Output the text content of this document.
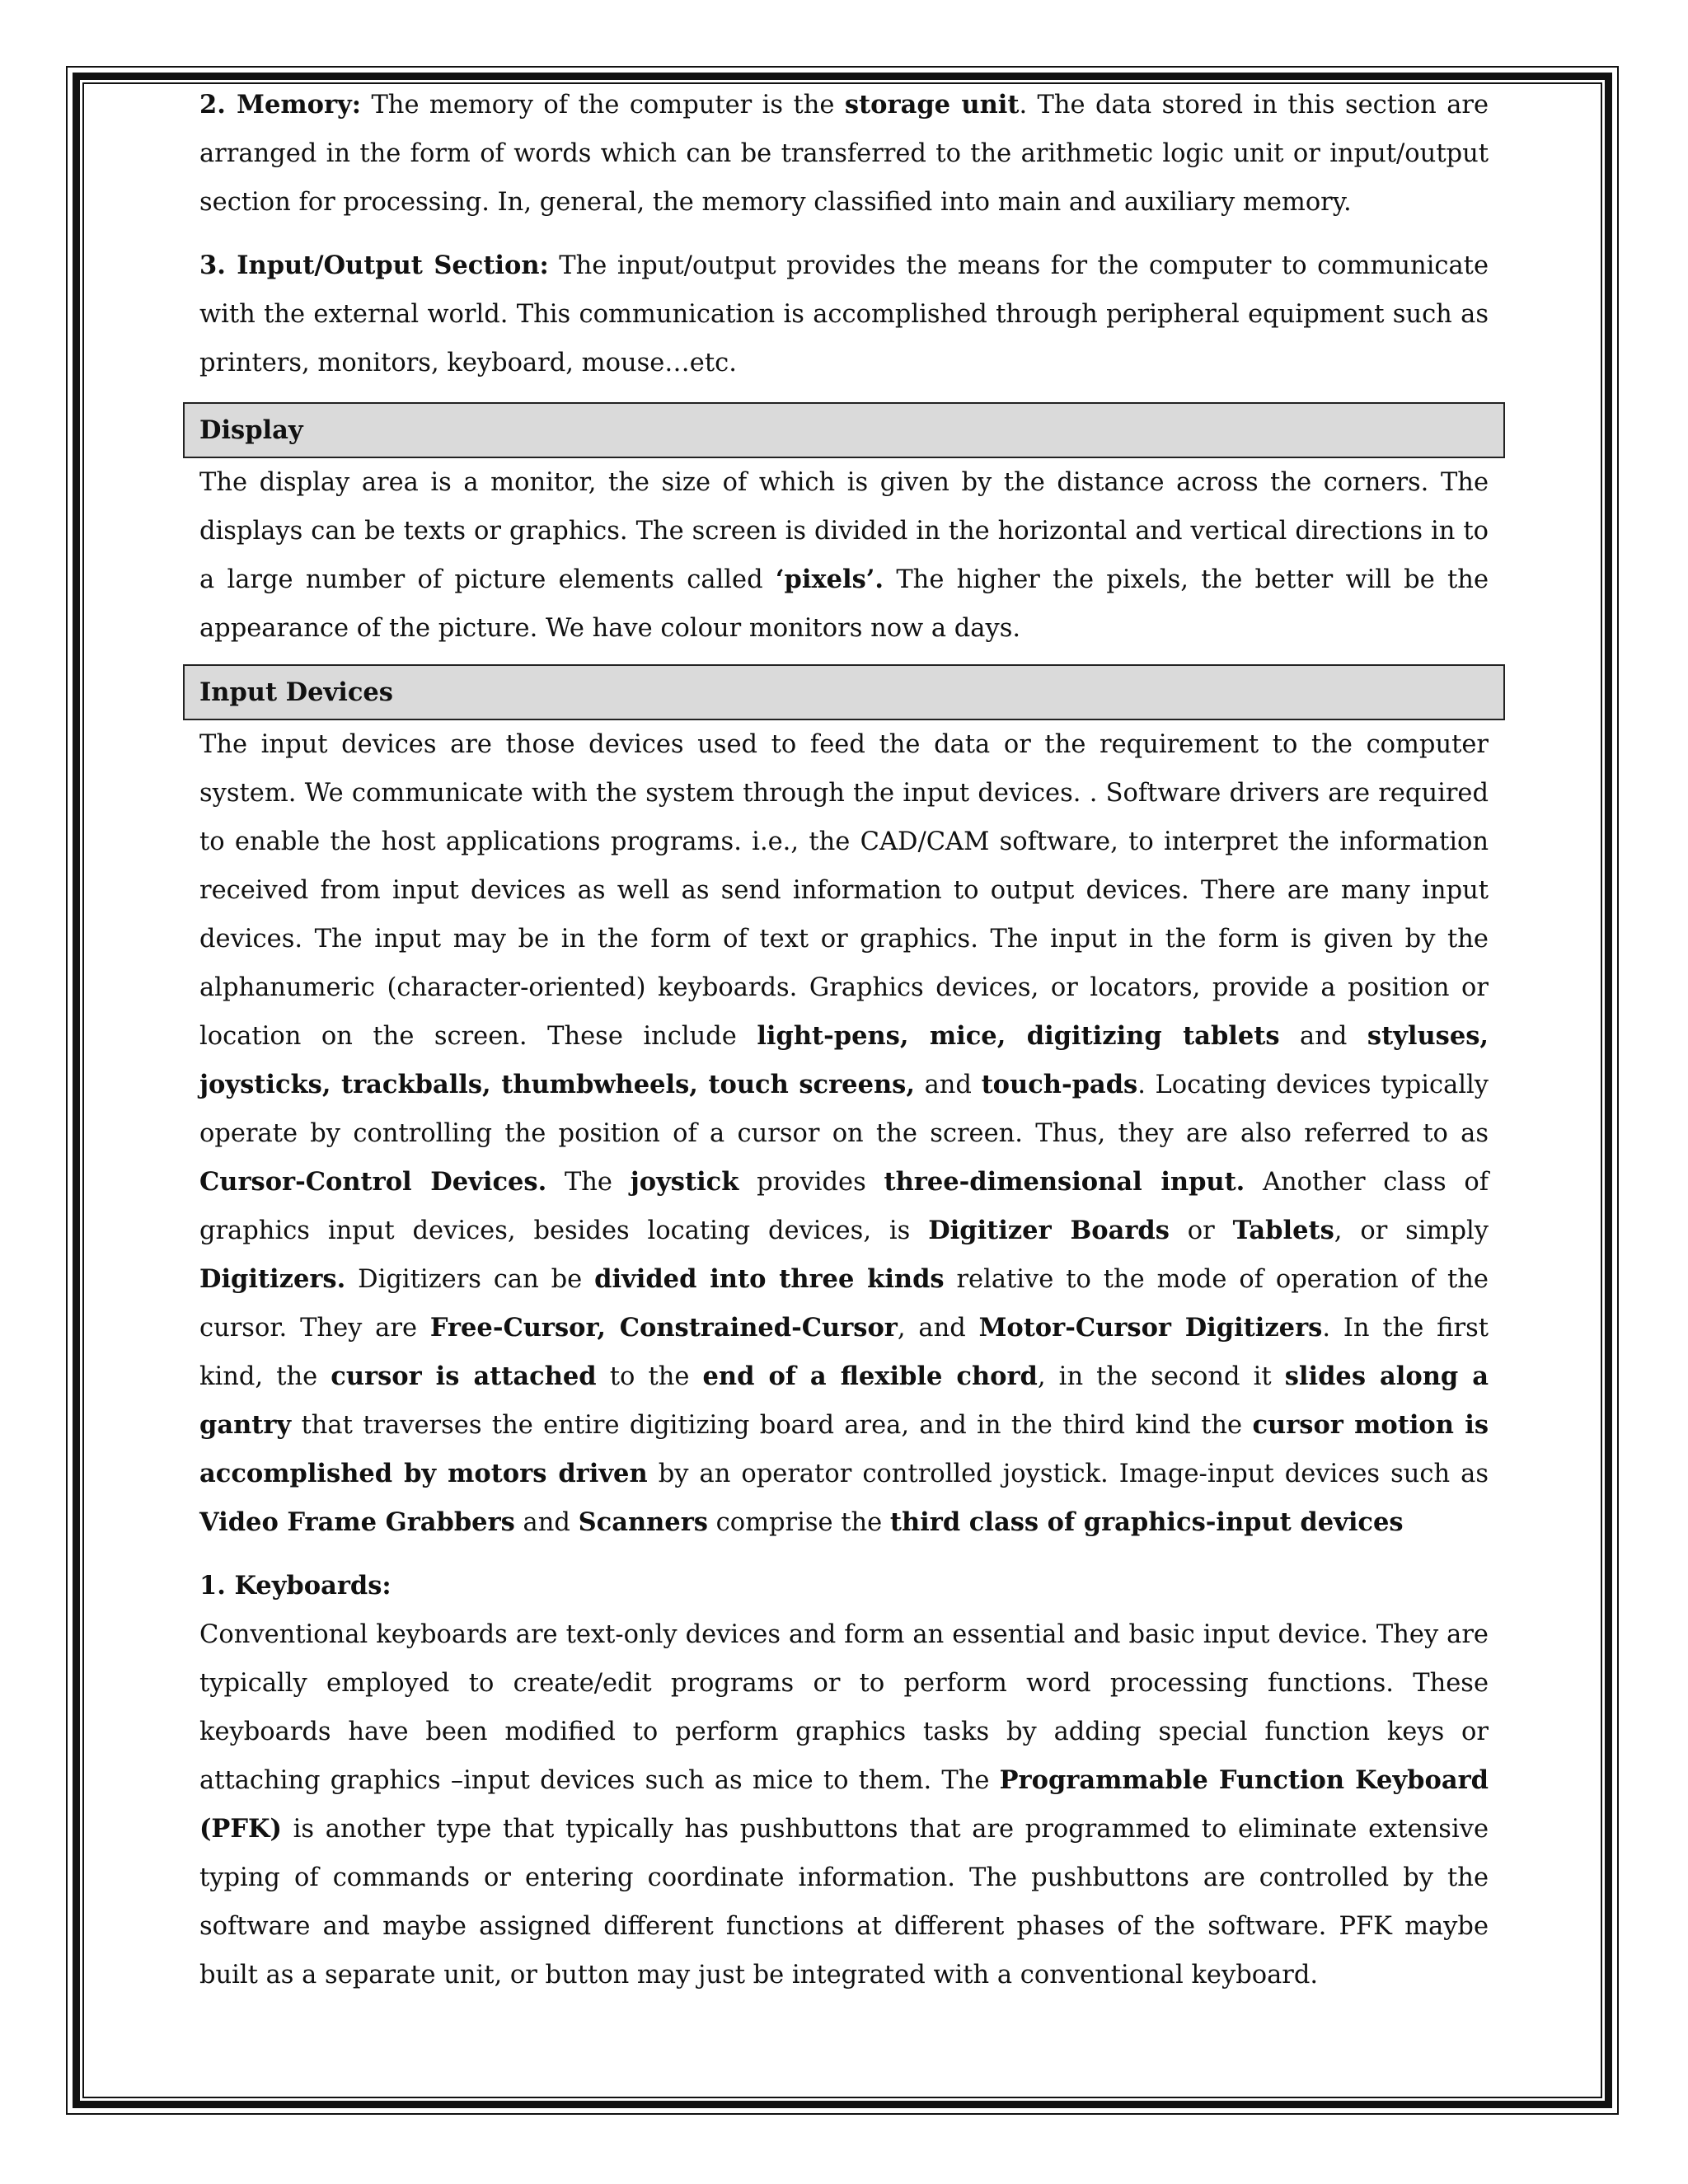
2. Memory: The memory of the computer is the storage unit. The data stored in this section are arranged in the form of words which can be transferred to the arithmetic logic unit or input/output section for processing. In, general, the memory classified into main and auxiliary memory.

3. Input/Output Section: The input/output provides the means for the computer to communicate with the external world. This communication is accomplished through peripheral equipment such as printers, monitors, keyboard, mouse…etc.

Display

The display area is a monitor, the size of which is given by the distance across the corners. The displays can be texts or graphics. The screen is divided in the horizontal and vertical directions in to a large number of picture elements called ‘pixels’. The higher the pixels, the better will be the appearance of the picture. We have colour monitors now a days.

Input Devices

The input devices are those devices used to feed the data or the requirement to the computer system. We communicate with the system through the input devices. . Software drivers are required to enable the host applications programs. i.e., the CAD/CAM software, to interpret the information received from input devices as well as send information to output devices. There are many input devices. The input may be in the form of text or graphics. The input in the form is given by the alphanumeric (character-oriented) keyboards. Graphics devices, or locators, provide a position or location on the screen. These include light-pens, mice, digitizing tablets and styluses, joysticks, trackballs, thumbwheels, touch screens, and touch-pads. Locating devices typically operate by controlling the position of a cursor on the screen. Thus, they are also referred to as Cursor-Control Devices. The joystick provides three-dimensional input. Another class of graphics input devices, besides locating devices, is Digitizer Boards or Tablets, or simply Digitizers. Digitizers can be divided into three kinds relative to the mode of operation of the cursor. They are Free-Cursor, Constrained-Cursor, and Motor-Cursor Digitizers. In the first kind, the cursor is attached to the end of a flexible chord, in the second it slides along a gantry that traverses the entire digitizing board area, and in the third kind the cursor motion is accomplished by motors driven by an operator controlled joystick. Image-input devices such as Video Frame Grabbers and Scanners comprise the third class of graphics-input devices

1. Keyboards:

Conventional keyboards are text-only devices and form an essential and basic input device. They are typically employed to create/edit programs or to perform word processing functions. These keyboards have been modified to perform graphics tasks by adding special function keys or attaching graphics –input devices such as mice to them. The Programmable Function Keyboard (PFK) is another type that typically has pushbuttons that are programmed to eliminate extensive typing of commands or entering coordinate information. The pushbuttons are controlled by the software and maybe assigned different functions at different phases of the software. PFK maybe built as a separate unit, or button may just be integrated with a conventional keyboard.
